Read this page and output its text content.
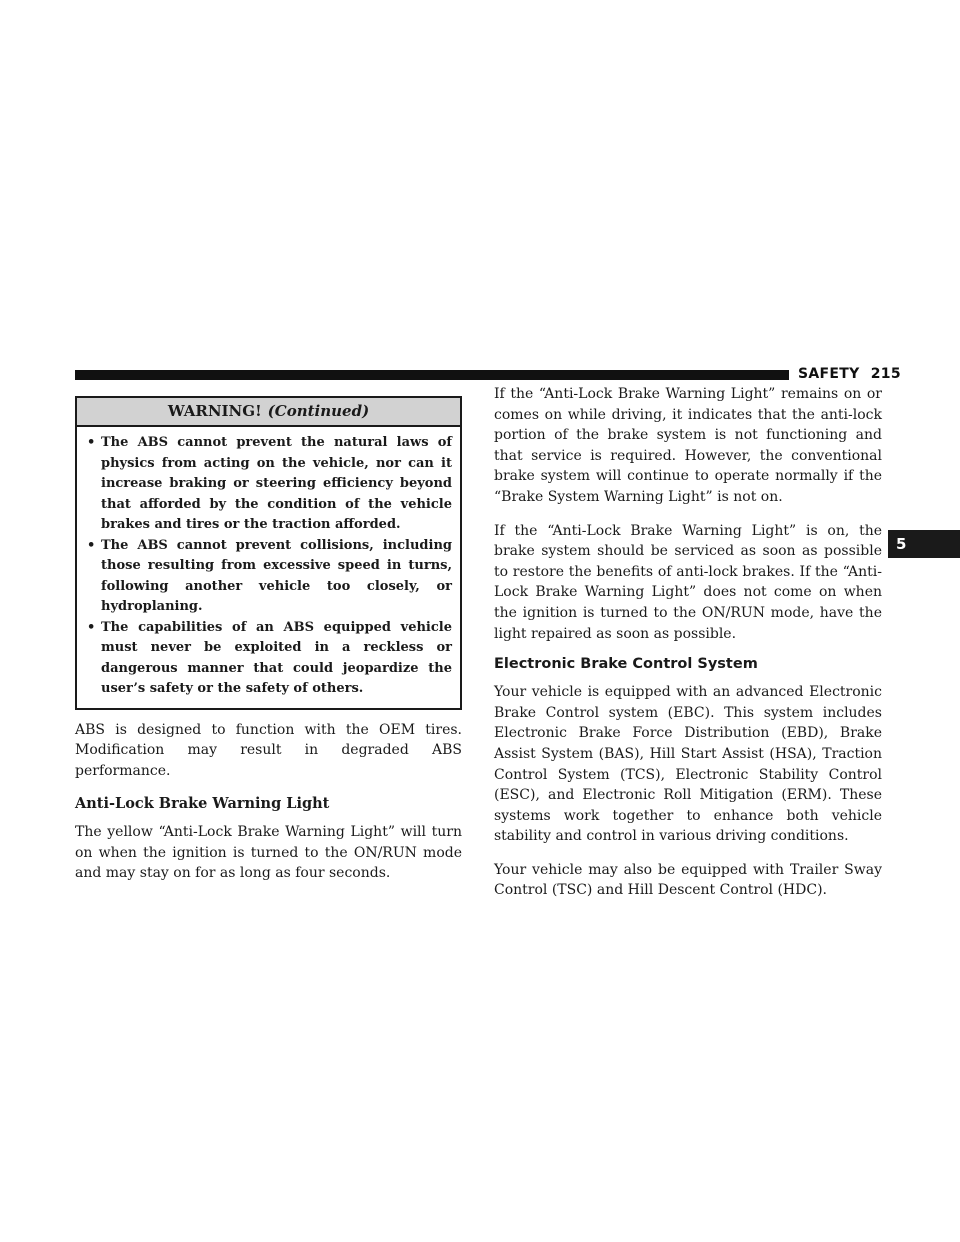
SAFETY 215
5
WARNING! (Continued)
• The ABS cannot prevent the natural laws of physics from acting on the vehicle, nor can it increase braking or steering efficiency beyond that afforded by the condition of the vehicle brakes and tires or the traction afforded.
• The ABS cannot prevent collisions, including those resulting from excessive speed in turns, following another vehicle too closely, or hydroplaning.
• The capabilities of an ABS equipped vehicle must never be exploited in a reckless or dangerous manner that could jeopardize the user’s safety or the safety of others.

ABS is designed to function with the OEM tires. Modification may result in degraded ABS performance.

Anti-Lock Brake Warning Light

The yellow “Anti-Lock Brake Warning Light” will turn on when the ignition is turned to the ON/RUN mode and may stay on for as long as four seconds.

If the “Anti-Lock Brake Warning Light” remains on or comes on while driving, it indicates that the anti-lock portion of the brake system is not functioning and that service is required. However, the conventional brake system will continue to operate normally if the “Brake System Warning Light” is not on.

If the “Anti-Lock Brake Warning Light” is on, the brake system should be serviced as soon as possible to restore the benefits of anti-lock brakes. If the “Anti-Lock Brake Warning Light” does not come on when the ignition is turned to the ON/RUN mode, have the light repaired as soon as possible.

Electronic Brake Control System

Your vehicle is equipped with an advanced Electronic Brake Control system (EBC). This system includes Electronic Brake Force Distribution (EBD), Brake Assist System (BAS), Hill Start Assist (HSA), Traction Control System (TCS), Electronic Stability Control (ESC), and Electronic Roll Mitigation (ERM). These systems work together to enhance both vehicle stability and control in various driving conditions.

Your vehicle may also be equipped with Trailer Sway Control (TSC) and Hill Descent Control (HDC).
